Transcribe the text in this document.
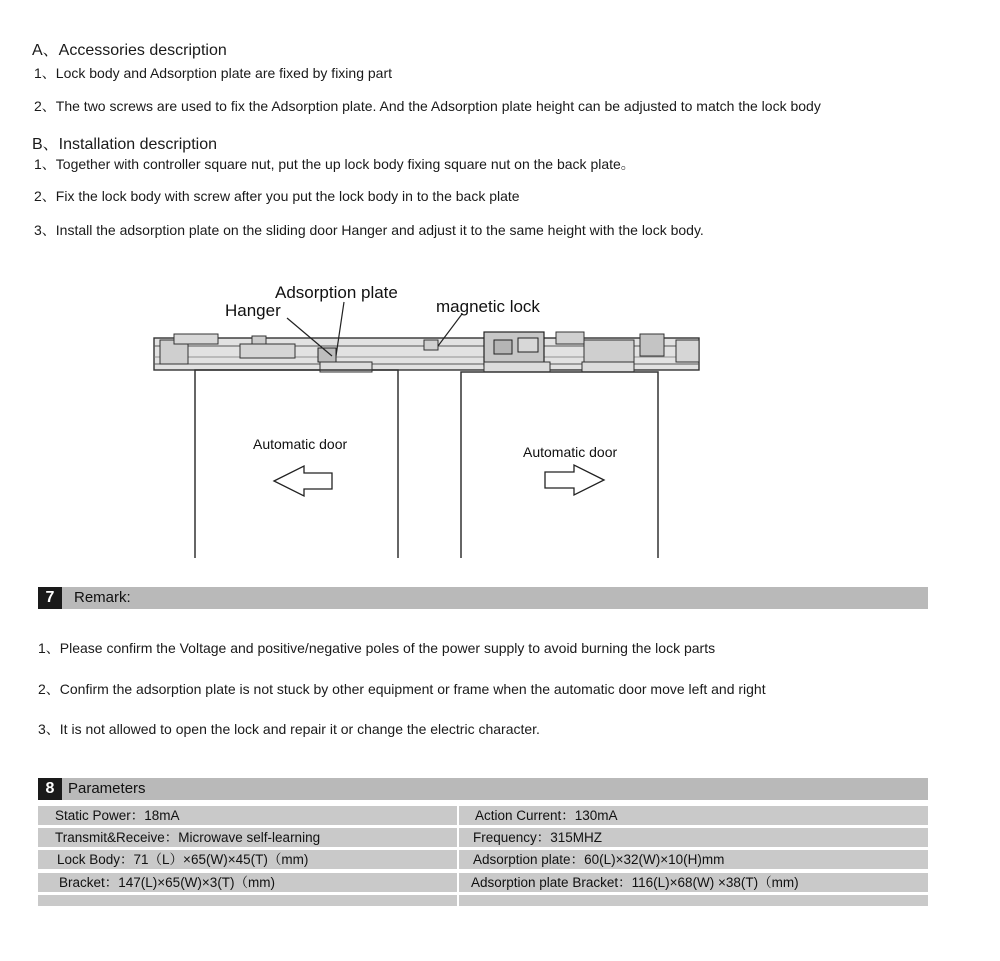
A、Accessories description
1、Lock body and Adsorption plate are fixed by fixing part
2、The two screws are used to fix the Adsorption plate. And the Adsorption plate height can be adjusted to match the lock body
B、Installation description
1、Together with controller square nut, put the up lock body fixing square nut on the back plate。
2、Fix the lock body with screw after you put the lock body in to the back plate
3、Install the adsorption plate on the sliding door Hanger and adjust it to the same height with the lock body.
Adsorption plate
Hanger	magnetic lock
Automatic door	Automatic door
7	Remark:
1、Please confirm the Voltage and positive/negative poles of the power supply to avoid burning the lock parts
2、Confirm the adsorption plate is not stuck by other equipment or frame when the automatic door move left and right
3、It is not allowed to open the lock and repair it or change the electric character.
8 Parameters
Static Power：18mA	Action Current：130mA
Transmit&Receive：Microwave self-learning	Frequency：315MHZ
Lock Body：71（L）×65(W)×45(T)（mm)	Adsorption plate：60(L)×32(W)×10(H)mm
Bracket：147(L)×65(W)×3(T)（mm)	Adsorption plate Bracket：116(L)×68(W) ×38(T)（mm)
